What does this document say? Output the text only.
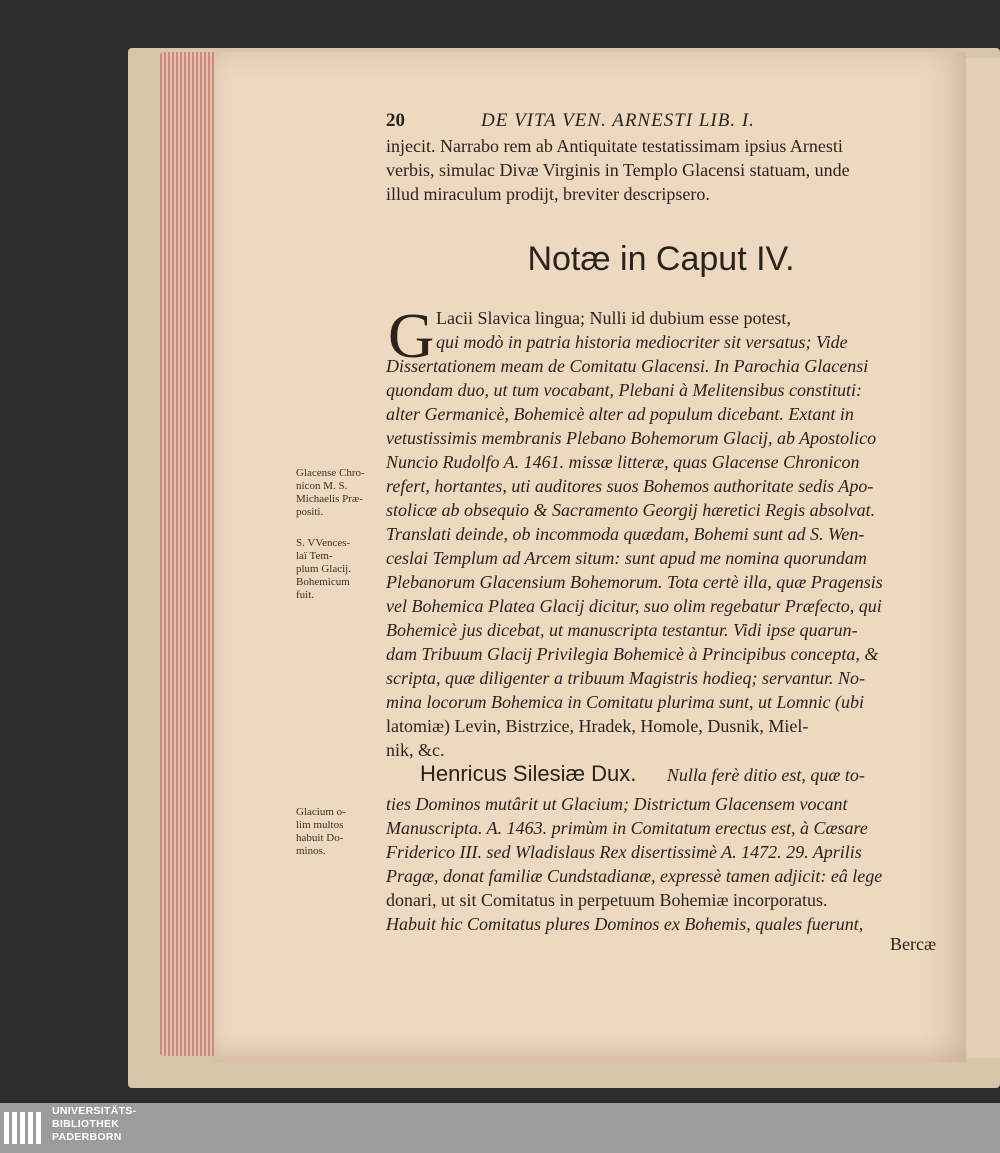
20	DE VITA VEN. ARNESTI LIB. I.
injecit. Narrabo rem ab Antiquitate testatissimam ipsius Arnesti
verbis, simulac Divæ Virginis in Templo Glacensi statuam, unde
illud miraculum prodijt, breviter descripsero.
Notæ in Caput IV.
G Lacii Slavica lingua; Nulli id dubium esse potest,
qui modò in patria historia mediocriter sit versatus; Vide
Dissertationem meam de Comitatu Glacensi. In Parochia Glacensi
quondam duo, ut tum vocabant, Plebani à Melitensibus constituti:
alter Germanicè, Bohemicè alter ad populum dicebant. Extant in
vetustissimis membranis Plebano Bohemorum Glacij, ab Apostolico
Nuncio Rudolfo A. 1461. missæ litteræ, quas Glacense Chronicon
refert, hortantes, uti auditores suos Bohemos authoritate sedis Apo-
stolicæ ab obsequio & Sacramento Georgij hæretici Regis absolvat.
Translati deinde, ob incommoda quædam, Bohemi sunt ad S. Wen-
ceslai Templum ad Arcem situm: sunt apud me nomina quorundam
Plebanorum Glacensium Bohemorum. Tota certè illa, quæ Pragensis
vel Bohemica Platea Glacij dicitur, suo olim regebatur Præfecto, qui
Bohemicè jus dicebat, ut manuscripta testantur. Vidi ipse quarun-
dam Tribuum Glacij Privilegia Bohemicè à Principibus concepta, &
scripta, quæ diligenter a tribuum Magistris hodieq; servantur. No-
mina locorum Bohemica in Comitatu plurima sunt, ut Lomnic (ubi
latomiæ) Levin, Bistrzice, Hradek, Homole, Dusnik, Miel-
nik, &c.
Henricus Silesiæ Dux. Nulla ferè ditio est, quæ to-
ties Dominos mutârit ut Glacium; Districtum Glacensem vocant
Manuscripta. A. 1463. primùm in Comitatum erectus est, à Cæsare
Friderico III. sed Wladislaus Rex disertissimè A. 1472. 29. Aprilis
Pragæ, donat familiæ Cundstadianæ, expressè tamen adjicit: eâ lege
donari, ut sit Comitatus in perpetuum Bohemiæ incorporatus.
Habuit hic Comitatus plures Dominos ex Bohemis, quales fuerunt,
Bercæ
Glacense Chro-
nicon M. S.
Michaelis Præ-
positi.
S. VVences-
laï Tem-
plum Glacij.
Bohemicum
fuit.
Glacium o-
lim multos
habuit Do-
minos.
UNIVERSITÄTS-
BIBLIOTHEK
PADERBORN
